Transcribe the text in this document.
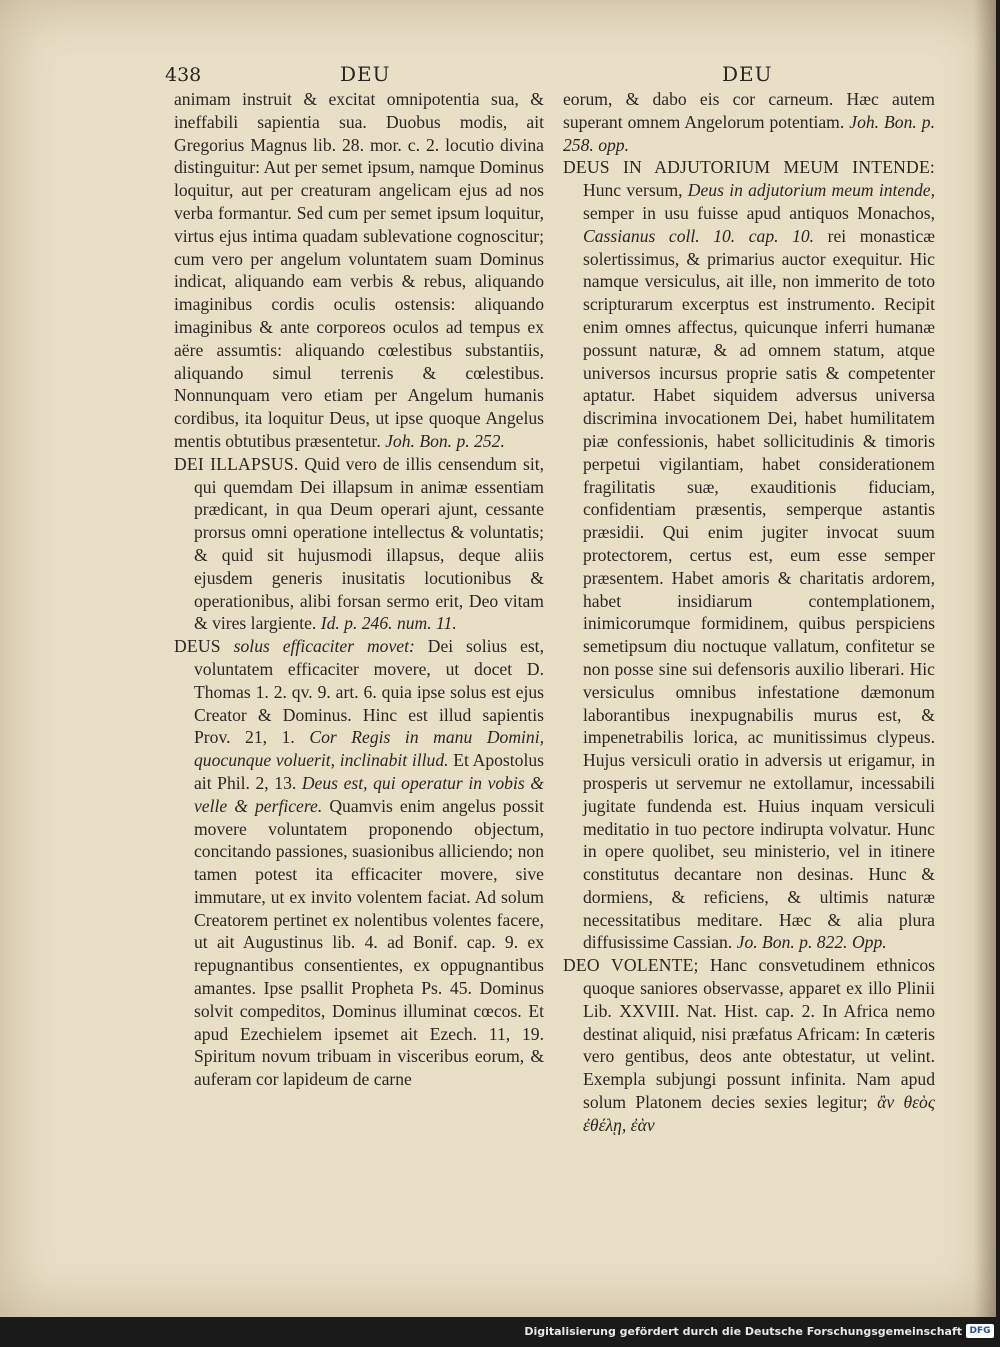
438	DEU	DEU

animam instruit & excitat omnipotentia sua, & ineffabili sapientia sua. Duobus modis, ait Gregorius Magnus lib. 28. mor. c. 2. locutio divina distinguitur: Aut per semet ipsum, namque Dominus loquitur, aut per creaturam angelicam ejus ad nos verba formantur. Sed cum per semet ipsum loquitur, virtus ejus intima quadam sublevatione cognoscitur; cum vero per angelum voluntatem suam Dominus indicat, aliquando eam verbis & rebus, aliquando imaginibus cordis oculis ostensis: aliquando imaginibus & ante corporeos oculos ad tempus ex aëre assumtis: aliquando cœlestibus substantiis, aliquando simul terrenis & cœlestibus. Nonnunquam vero etiam per Angelum humanis cordibus, ita loquitur Deus, ut ipse quoque Angelus mentis obtutibus præsentetur. Joh. Bon. p. 252.

DEI ILLAPSUS. Quid vero de illis censendum sit, qui quemdam Dei illapsum in animæ essentiam prædicant, in qua Deum operari ajunt, cessante prorsus omni operatione intellectus & voluntatis; & quid sit hujusmodi illapsus, deque aliis ejusdem generis inusitatis locutionibus & operationibus, alibi forsan sermo erit, Deo vitam & vires largiente. Id. p. 246. num. 11.

DEUS solus efficaciter movet: Dei solius est, voluntatem efficaciter movere, ut docet D. Thomas 1. 2. qv. 9. art. 6. quia ipse solus est ejus Creator & Dominus. Hinc est illud sapientis Prov. 21, 1. Cor Regis in manu Domini, quocunque voluerit, inclinabit illud. Et Apostolus ait Phil. 2, 13. Deus est, qui operatur in vobis & velle & perficere. Quamvis enim angelus possit movere voluntatem proponendo objectum, concitando passiones, suasionibus alliciendo; non tamen potest ita efficaciter movere, sive immutare, ut ex invito volentem faciat. Ad solum Creatorem pertinet ex nolentibus volentes facere, ut ait Augustinus lib. 4. ad Bonif. cap. 9. ex repugnantibus consentientes, ex oppugnantibus amantes. Ipse psallit Propheta Ps. 45. Dominus solvit compeditos, Dominus illuminat cœcos. Et apud Ezechielem ipsemet ait Ezech. 11, 19. Spiritum novum tribuam in visceribus eorum, & auferam cor lapideum de carne

eorum, & dabo eis cor carneum. Hæc autem superant omnem Angelorum potentiam. Joh. Bon. p. 258. opp.

DEUS IN ADJUTORIUM MEUM INTENDE: Hunc versum, Deus in adjutorium meum intende, semper in usu fuisse apud antiquos Monachos, Cassianus coll. 10. cap. 10. rei monasticæ solertissimus, & primarius auctor exequitur. Hic namque versiculus, ait ille, non immerito de toto scripturarum excerptus est instrumento. Recipit enim omnes affectus, quicunque inferri humanæ possunt naturæ, & ad omnem statum, atque universos incursus proprie satis & competenter aptatur. Habet siquidem adversus universa discrimina invocationem Dei, habet humilitatem piæ confessionis, habet sollicitudinis & timoris perpetui vigilantiam, habet considerationem fragilitatis suæ, exauditionis fiduciam, confidentiam præsentis, semperque astantis præsidii. Qui enim jugiter invocat suum protectorem, certus est, eum esse semper præsentem. Habet amoris & charitatis ardorem, habet insidiarum contemplationem, inimicorumque formidinem, quibus perspiciens semetipsum diu noctuque vallatum, confitetur se non posse sine sui defensoris auxilio liberari. Hic versiculus omnibus infestatione dæmonum laborantibus inexpugnabilis murus est, & impenetrabilis lorica, ac munitissimus clypeus. Hujus versiculi oratio in adversis ut erigamur, in prosperis ut servemur ne extollamur, incessabili jugitate fundenda est. Huius inquam versiculi meditatio in tuo pectore indirupta volvatur. Hunc in opere quolibet, seu ministerio, vel in itinere constitutus decantare non desinas. Hunc & dormiens, & reficiens, & ultimis naturæ necessitatibus meditare. Hæc & alia plura diffusissime Cassian. Jo. Bon. p. 822. Opp.

DEO VOLENTE; Hanc consvetudinem ethnicos quoque saniores observasse, apparet ex illo Plinii Lib. XXVIII. Nat. Hist. cap. 2. In Africa nemo destinat aliquid, nisi præfatus Africam: In cæteris vero gentibus, deos ante obtestatur, ut velint. Exempla subjungi possunt infinita. Nam apud solum Platonem decies sexies legitur; ἂν θεὸς ἐθέλῃ, ἐὰν

Digitalisierung gefördert durch die Deutsche Forschungsgemeinschaft DFG
